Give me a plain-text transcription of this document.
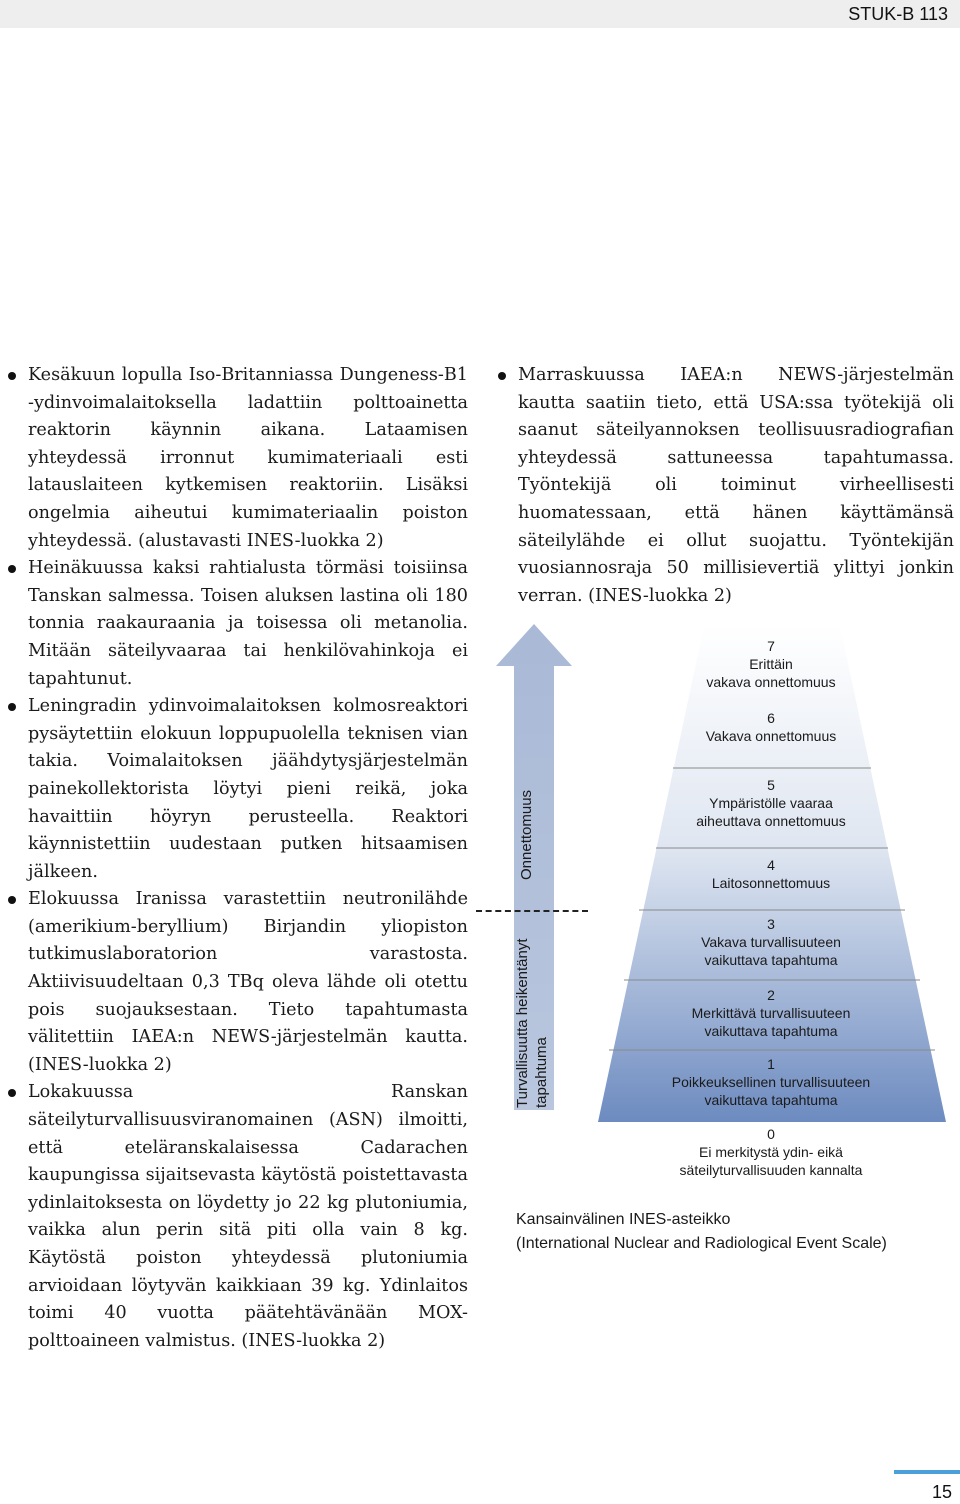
STUK-B 113
Kesäkuun lopulla Iso-Britanniassa Dungeness-B1 -ydinvoimalaitoksella ladattiin polttoainetta reaktorin käynnin aikana. Lataamisen yhteydessä irronnut kumimateriaali esti latauslaiteen kytkemisen reaktoriin. Lisäksi ongelmia aiheutui kumimateriaalin poiston yhteydessä. (alustavasti INES-luokka 2)
Heinäkuussa kaksi rahtialusta törmäsi toisiinsa Tanskan salmessa. Toisen aluksen lastina oli 180 tonnia raakauraania ja toisessa oli metanolia. Mitään säteilyvaaraa tai henkilövahinkoja ei tapahtunut.
Leningradin ydinvoimalaitoksen kolmosreaktori pysäytettiin elokuun loppupuolella teknisen vian takia. Voimalaitoksen jäähdytysjärjestelmän painekollektorista löytyi pieni reikä, joka havaittiin höyryn perusteella. Reaktori käynnistettiin uudestaan putken hitsaamisen jälkeen.
Elokuussa Iranissa varastettiin neutronilähde (amerikium-beryllium) Birjandin yliopiston tutkimuslaboratorion varastosta. Aktiivisuudeltaan 0,3 TBq oleva lähde oli otettu pois suojauksestaan. Tieto tapahtumasta välitettiin IAEA:n NEWS-järjestelmän kautta. (INES-luokka 2)
Lokakuussa Ranskan säteilyturvallisuusviranomainen (ASN) ilmoitti, että eteläranskalaisessa Cadarachen kaupungissa sijaitsevasta käytöstä poistettavasta ydinlaitoksesta on löydetty jo 22 kg plutoniumia, vaikka alun perin sitä piti olla vain 8 kg. Käytöstä poiston yhteydessä plutoniumia arvioidaan löytyvän kaikkiaan 39 kg. Ydinlaitos toimi 40 vuotta päätehtävänään MOX-polttoaineen valmistus. (INES-luokka 2)
Marraskuussa IAEA:n NEWS-järjestelmän kautta saatiin tieto, että USA:ssa työtekijä oli saanut säteilyannoksen teollisuusradiografian yhteydessä sattuneessa tapahtumassa. Työntekijä oli toiminut virheellisesti huomatessaan, että hänen käyttämänsä säteilylähde ei ollut suojattu. Työntekijän vuosiannosraja 50 millisievertiä ylittyi jonkin verran. (INES-luokka 2)
Onnettomuus
Turvallisuutta heikentänyt tapahtuma
7
Erittäin
vakava onnettomuus
6
Vakava onnettomuus
5
Ympäristölle vaaraa
aiheuttava onnettomuus
4
Laitosonnettomuus
3
Vakava turvallisuuteen
vaikuttava tapahtuma
2
Merkittävä turvallisuuteen
vaikuttava tapahtuma
1
Poikkeuksellinen turvallisuuteen
vaikuttava tapahtuma
0
Ei merkitystä ydin- eikä
säteilyturvallisuuden kannalta
Kansainvälinen INES-asteikko
(International Nuclear and Radiological Event Scale)
15
